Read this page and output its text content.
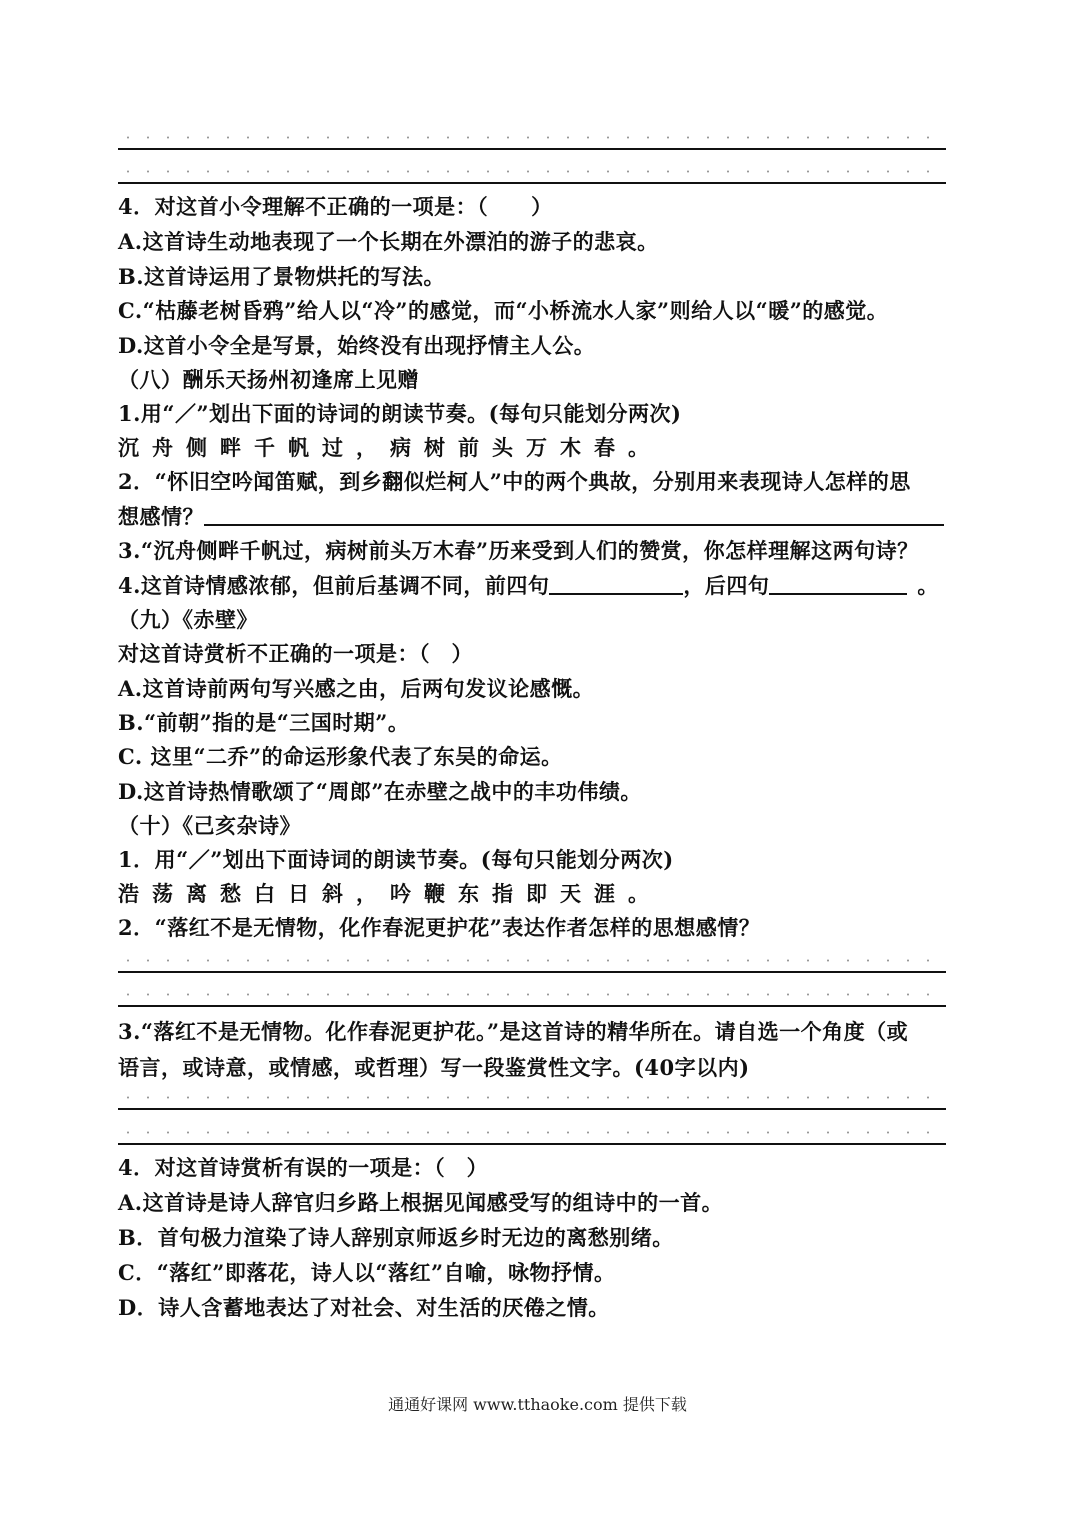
4．对这首小令理解不正确的一项是：（　　）
A.这首诗生动地表现了一个长期在外漂泊的游子的悲哀。
B.这首诗运用了景物烘托的写法。
C.“枯藤老树昏鸦”给人以“冷”的感觉，而“小桥流水人家”则给人以“暖”的感觉。
D.这首小令全是写景，始终没有出现抒情主人公。
（八）酬乐天扬州初逢席上见赠
1.用“／”划出下面的诗词的朗读节奏。(每句只能划分两次)
沉舟侧畔千帆过，病树前头万木春。
2．“怀旧空吟闻笛赋，到乡翻似烂柯人”中的两个典故，分别用来表现诗人怎样的思
想感情？
3.“沉舟侧畔千帆过，病树前头万木春”历来受到人们的赞赏，你怎样理解这两句诗？
4.这首诗情感浓郁，但前后基调不同，前四句	，后四句	。
（九）《赤壁》
对这首诗赏析不正确的一项是：（　）
A.这首诗前两句写兴感之由，后两句发议论感慨。
B.“前朝”指的是“三国时期”。
C. 这里“二乔”的命运形象代表了东吴的命运。
D.这首诗热情歌颂了“周郎”在赤壁之战中的丰功伟绩。
（十）《己亥杂诗》
1．用“／”划出下面诗词的朗读节奏。(每句只能划分两次)
浩荡离愁白日斜，吟鞭东指即天涯。
2．“落红不是无情物，化作春泥更护花”表达作者怎样的思想感情？
3.“落红不是无情物。化作春泥更护花。”是这首诗的精华所在。请自选一个角度（或
语言，或诗意，或情感，或哲理）写一段鉴赏性文字。(40字以内)
4．对这首诗赏析有误的一项是：（　）
A.这首诗是诗人辞官归乡路上根据见闻感受写的组诗中的一首。
B．首句极力渲染了诗人辞别京师返乡时无边的离愁别绪。
C．“落红”即落花，诗人以“落红”自喻，咏物抒情。
D．诗人含蓄地表达了对社会、对生活的厌倦之情。
通通好课网 www.tthaoke.com 提供下载
